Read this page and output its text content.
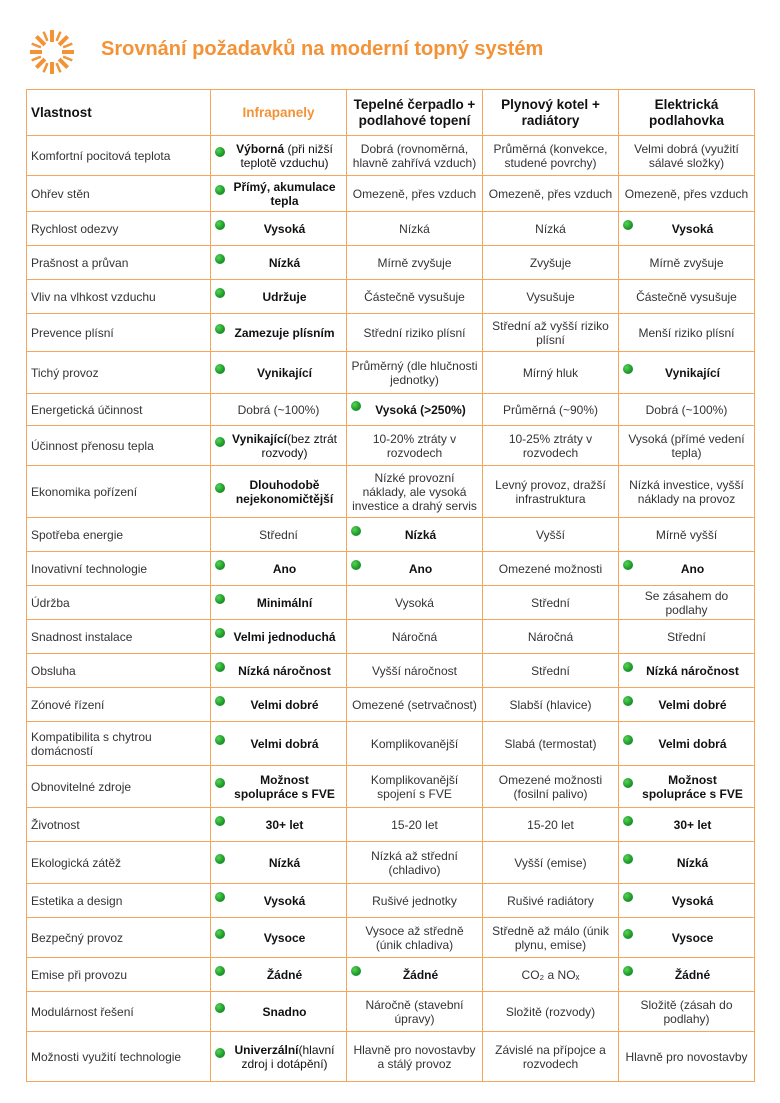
Srovnání požadavků na moderní topný systém
Vlastnost	Infrapanely	Tepelné čerpadlo + podlahové topení	Plynový kotel + radiátory	Elektrická podlahovka
Komfortní pocitová teplota	Výborná (při nižší teplotě vzduchu)	Dobrá (rovnoměrná, hlavně zahřívá vzduch)	Průměrná (konvekce, studené povrchy)	Velmi dobrá (využití sálavé složky)

Ohřev stěn	Přímý, akumulace tepla	Omezeně, přes vzduch	Omezeně, přes vzduch	Omezeně, přes vzduch

Rychlost odezvy	Vysoká	Nízká	Nízká	Vysoká

Prašnost a průvan	Nízká	Mírně zvyšuje	Zvyšuje	Mírně zvyšuje

Vliv na vlhkost vzduchu	Udržuje	Částečně vysušuje	Vysušuje	Částečně vysušuje

Prevence plísní	Zamezuje plísním	Střední riziko plísní	Střední až vyšší riziko plísní	Menší riziko plísní

Tichý provoz	Vynikající	Průměrný (dle hlučnosti jednotky)	Mírný hluk	Vynikající

Energetická účinnost	Dobrá (~100%)	Vysoká (>250%)	Průměrná (~90%)	Dobrá (~100%)

Účinnost přenosu tepla	Vynikající(bez ztrát rozvody)	10-20% ztráty v rozvodech	10-25% ztráty v rozvodech	Vysoká (přímé vedení tepla)

Ekonomika pořízení	Dlouhodobě nejekonomičtější	Nízké provozní náklady, ale vysoká investice a drahý servis	Levný provoz, dražší infrastruktura	Nízká investice, vyšší náklady na provoz

Spotřeba energie	Střední	Nízká	Vyšší	Mírně vyšší

Inovativní technologie	Ano	Ano	Omezené možnosti	Ano

Údržba	Minimální	Vysoká	Střední	Se zásahem do podlahy

Snadnost instalace	Velmi jednoduchá	Náročná	Náročná	Střední

Obsluha	Nízká náročnost	Vyšší náročnost	Střední	Nízká náročnost

Zónové řízení	Velmi dobré	Omezené (setrvačnost)	Slabší (hlavice)	Velmi dobré

Kompatibilita s chytrou domácností	Velmi dobrá	Komplikovanější	Slabá (termostat)	Velmi dobrá

Obnovitelné zdroje	Možnost spolupráce s FVE	Komplikovanější spojení s FVE	Omezené možnosti (fosilní palivo)	Možnost spolupráce s FVE

Životnost	30+ let	15-20 let	15-20 let	30+ let

Ekologická zátěž	Nízká	Nízká až střední (chladivo)	Vyšší (emise)	Nízká

Estetika a design	Vysoká	Rušivé jednotky	Rušivé radiátory	Vysoká

Bezpečný provoz	Vysoce	Vysoce až středně (únik chladiva)	Středně až málo (únik plynu, emise)	Vysoce

Emise při provozu	Žádné	Žádné	CO₂ a NOₓ	Žádné

Modulárnost řešení	Snadno	Náročně (stavební úpravy)	Složitě (rozvody)	Složitě (zásah do podlahy)

Možnosti využití technologie	Univerzální(hlavní zdroj i dotápění)	Hlavně pro novostavby a stálý provoz	Závislé na přípojce a rozvodech	Hlavně pro novostavby
